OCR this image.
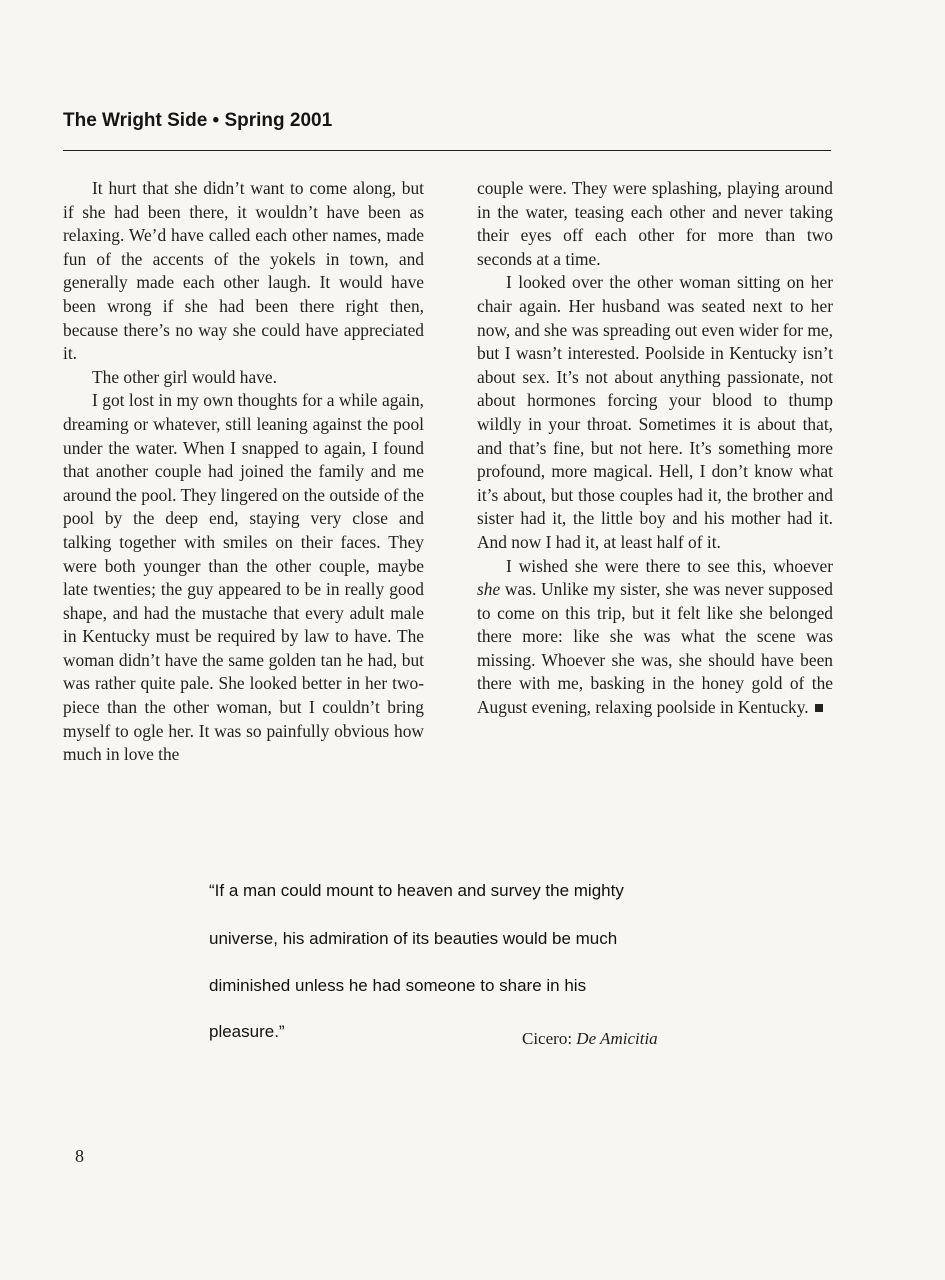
The Wright Side • Spring 2001

It hurt that she didn’t want to come along, but if she had been there, it wouldn’t have been as relaxing. We’d have called each other names, made fun of the accents of the yokels in town, and generally made each other laugh. It would have been wrong if she had been there right then, because there’s no way she could have appreciated it.

The other girl would have.

I got lost in my own thoughts for a while again, dreaming or whatever, still leaning against the pool under the water. When I snapped to again, I found that another couple had joined the family and me around the pool. They lingered on the outside of the pool by the deep end, staying very close and talking together with smiles on their faces. They were both younger than the other couple, maybe late twenties; the guy appeared to be in really good shape, and had the mustache that every adult male in Kentucky must be required by law to have. The woman didn’t have the same golden tan he had, but was rather quite pale. She looked better in her two-piece than the other woman, but I couldn’t bring myself to ogle her. It was so painfully obvious how much in love the

couple were. They were splashing, playing around in the water, teasing each other and never taking their eyes off each other for more than two seconds at a time.

I looked over the other woman sitting on her chair again. Her husband was seated next to her now, and she was spreading out even wider for me, but I wasn’t interested. Poolside in Kentucky isn’t about sex. It’s not about anything passionate, not about hormones forcing your blood to thump wildly in your throat. Sometimes it is about that, and that’s fine, but not here. It’s something more profound, more magical. Hell, I don’t know what it’s about, but those couples had it, the brother and sister had it, the little boy and his mother had it. And now I had it, at least half of it.

I wished she were there to see this, whoever she was. Unlike my sister, she was never supposed to come on this trip, but it felt like she belonged there more: like she was what the scene was missing. Whoever she was, she should have been there with me, basking in the honey gold of the August evening, relaxing poolside in Kentucky.

“If a man could mount to heaven and survey the mighty
universe, his admiration of its beauties would be much
diminished unless he had someone to share in his
pleasure.”	Cicero: De Amicitia
8
